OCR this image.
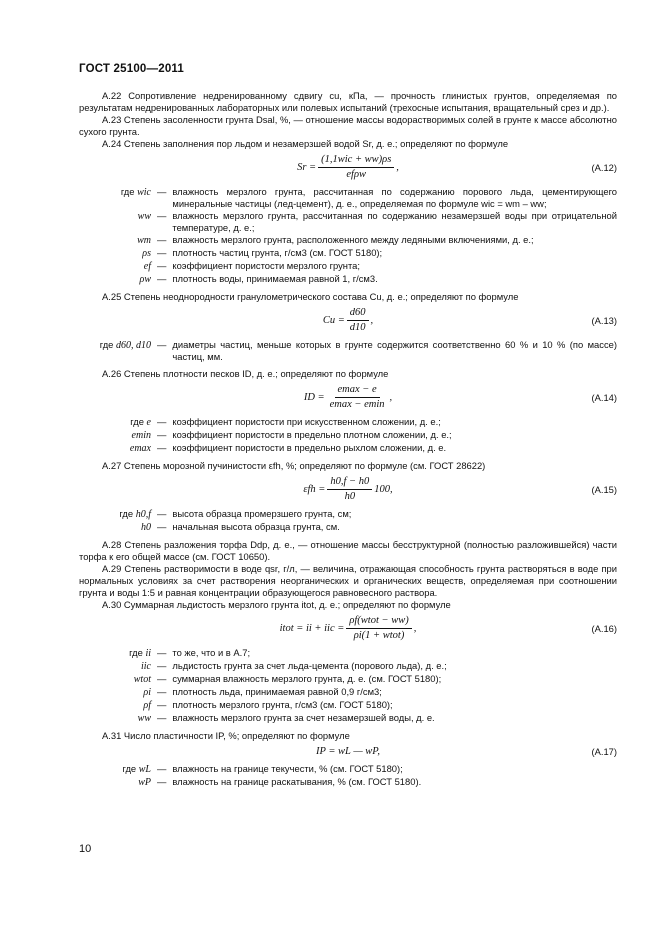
ГОСТ 25100—2011

А.22 Сопротивление недренированному сдвигу cu, кПа, — прочность глинистых грунтов, определяемая по результатам недренированных лабораторных или полевых испытаний (трехосные испытания, вращательный срез и др.).

А.23 Степень засоленности грунта Dsal, %, — отношение массы водорастворимых солей в грунте к массе абсолютно сухого грунта.

А.24 Степень заполнения пор льдом и незамерзшей водой Sr, д. е.; определяют по формуле

$Sr = \frac{\text{(1,1wic + ww)ρs}}{\text{efρw}}$ ,	(А.12)
где wic — влажность мерзлого грунта, рассчитанная по содержанию порового льда, цементирующего минеральные частицы (лед-цемент), д. е., определяемая по формуле wic = wm – ww;
ww — влажность мерзлого грунта, рассчитанная по содержанию незамерзшей воды при отрицательной температуре, д. е.;
wm — влажность мерзлого грунта, расположенного между ледяными включениями, д. е.;
ρs — плотность частиц грунта, г/см3 (см. ГОСТ 5180);
ef — коэффициент пористости мерзлого грунта;
ρw — плотность воды, принимаемая равной 1, г/см3.

А.25 Степень неоднородности гранулометрического состава Cu, д. е.; определяют по формуле

$Cu = \frac{d60}{d10}$ ,	(А.13)
где d60, d10 — диаметры частиц, меньше которых в грунте содержится соответственно 60 % и 10 % (по массе) частиц, мм.

А.26 Степень плотности песков ID, д. е.; определяют по формуле

ID = $\frac{emax - e}{emax - emin}$ ,	(А.14)
где e — коэффициент пористости при искусственном сложении, д. е.;
emin — коэффициент пористости в предельно плотном сложении, д. е.;
emax — коэффициент пористости в предельно рыхлом сложении, д. е.

А.27 Степень морозной пучинистости εfh, %; определяют по формуле (см. ГОСТ 28622)

$\varepsilon fh = \frac{h0,f - h0}{h0} 100$,	(А.15)
где h0,f — высота образца промерзшего грунта, см;
h0 — начальная высота образца грунта, см.

А.28 Степень разложения торфа Ddp, д. е., — отношение массы бесструктурной (полностью разложившейся) части торфа к его общей массе (см. ГОСТ 10650).

А.29 Степень растворимости в воде qsr, г/л, — величина, отражающая способность грунта растворяться в воде при нормальных условиях за счет растворения неорганических и органических веществ, определяемая при соотношении грунта и воды 1:5 и равная концентрации образующегося равновесного раствора.

А.30 Суммарная льдистость мерзлого грунта itot, д. е.; определяют по формуле

itot = ii + iic = $\frac{\text{ρf(wtot − ww)}}{\text{ρi(1 + wtot)}}$ ,	(А.16)
где ii — то же, что и в А.7;
iic — льдистость грунта за счет льда-цемента (порового льда), д. е.;
wtot — суммарная влажность мерзлого грунта, д. е. (см. ГОСТ 5180);
ρi — плотность льда, принимаемая равной 0,9 г/см3;
ρf — плотность мерзлого грунта, г/см3 (см. ГОСТ 5180);
ww — влажность мерзлого грунта за счет незамерзшей воды, д. е.

А.31 Число пластичности IP, %; определяют по формуле

IP = wL — wP,	(А.17)
где wL — влажность на границе текучести, % (см. ГОСТ 5180);
wP — влажность на границе раскатывания, % (см. ГОСТ 5180).
10
